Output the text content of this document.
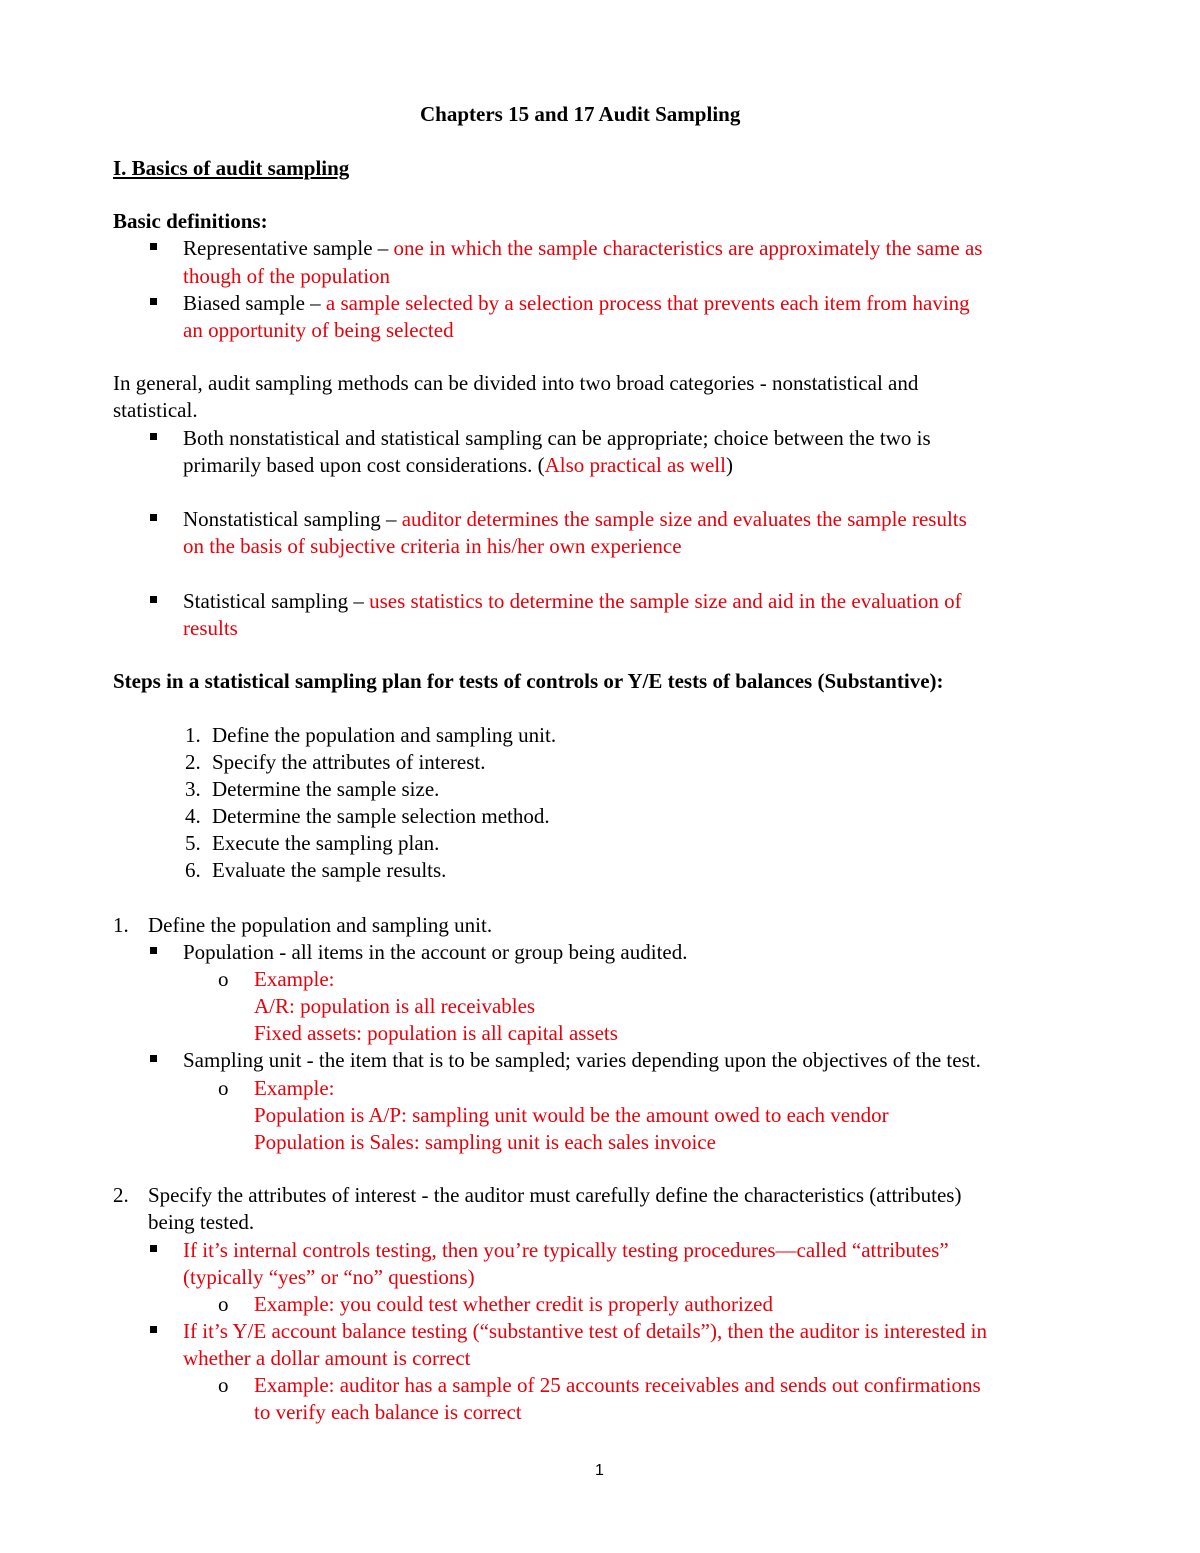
Chapters 15 and 17 Audit Sampling
I. Basics of audit sampling
Basic definitions:
Representative sample – one in which the sample characteristics are approximately the same as
though of the population
Biased sample – a sample selected by a selection process that prevents each item from having
an opportunity of being selected
In general, audit sampling methods can be divided into two broad categories - nonstatistical and
statistical.
Both nonstatistical and statistical sampling can be appropriate; choice between the two is
primarily based upon cost considerations. (Also practical as well)
Nonstatistical sampling – auditor determines the sample size and evaluates the sample results
on the basis of subjective criteria in his/her own experience
Statistical sampling – uses statistics to determine the sample size and aid in the evaluation of
results
Steps in a statistical sampling plan for tests of controls or Y/E tests of balances (Substantive):
1. Define the population and sampling unit.
2. Specify the attributes of interest.
3. Determine the sample size.
4. Determine the sample selection method.
5. Execute the sampling plan.
6. Evaluate the sample results.
1. Define the population and sampling unit.
Population - all items in the account or group being audited.
o Example:
A/R: population is all receivables
Fixed assets: population is all capital assets
Sampling unit - the item that is to be sampled; varies depending upon the objectives of the test.
o Example:
Population is A/P: sampling unit would be the amount owed to each vendor
Population is Sales: sampling unit is each sales invoice
2. Specify the attributes of interest - the auditor must carefully define the characteristics (attributes)
being tested.
If it’s internal controls testing, then you’re typically testing procedures—called “attributes”
(typically “yes” or “no” questions)
o Example: you could test whether credit is properly authorized
If it’s Y/E account balance testing (“substantive test of details”), then the auditor is interested in
whether a dollar amount is correct
o Example: auditor has a sample of 25 accounts receivables and sends out confirmations
to verify each balance is correct
1
